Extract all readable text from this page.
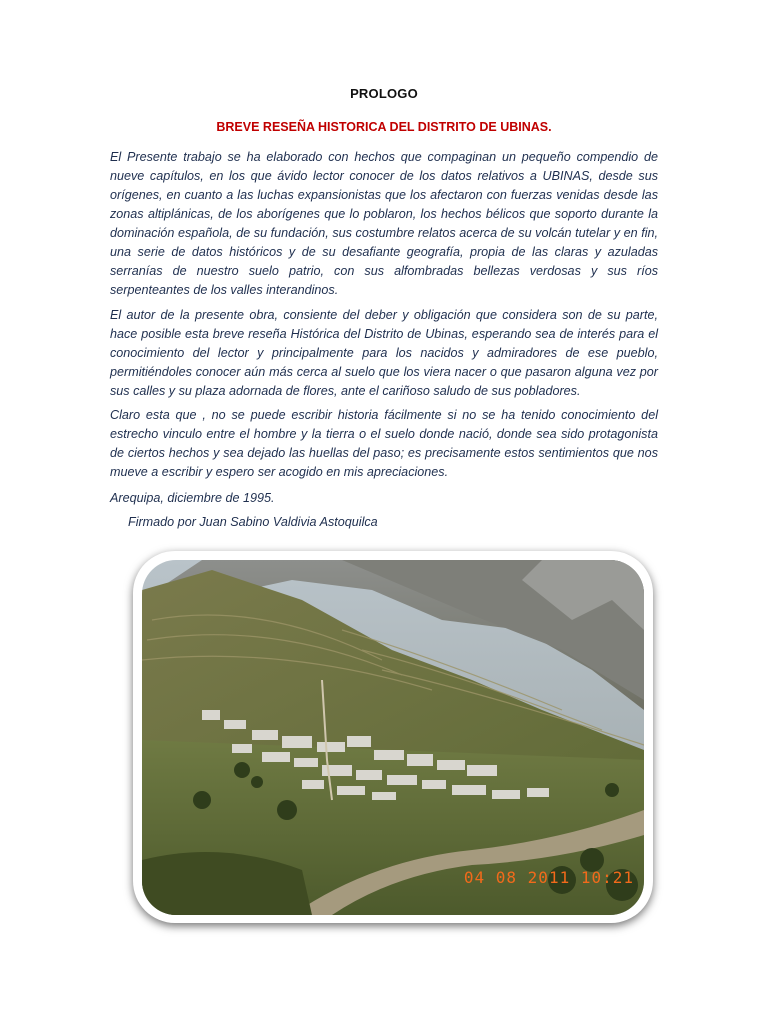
PROLOGO
BREVE RESEÑA HISTORICA DEL DISTRITO DE UBINAS.

El Presente trabajo se ha elaborado con hechos que compaginan un pequeño compendio de nueve capítulos, en los que ávido lector conocer de los datos relativos a UBINAS, desde sus orígenes, en cuanto a las luchas expansionistas que los afectaron con fuerzas venidas desde las zonas altiplánicas, de los aborígenes que lo poblaron, los hechos bélicos que soporto durante la dominación española, de su fundación, sus costumbre relatos acerca de su volcán tutelar y en fin, una serie de datos históricos y de su desafiante geografía, propia de las claras y azuladas serranías de nuestro suelo patrio, con sus alfombradas bellezas verdosas y sus ríos serpenteantes de los valles interandinos.

El autor de la presente obra, consiente del deber y obligación que considera son de su parte, hace posible esta breve reseña Histórica del Distrito de Ubinas, esperando sea de interés para el conocimiento del lector y principalmente para los nacidos y admiradores de ese pueblo, permitiéndoles conocer aún más cerca al suelo que los viera nacer o que pasaron alguna vez por sus calles y su plaza adornada de flores, ante el cariñoso saludo de sus pobladores.

Claro esta que , no se puede escribir historia fácilmente si no se ha tenido conocimiento del estrecho vinculo entre el hombre y la tierra o el suelo donde nació, donde sea sido protagonista de ciertos hechos y sea dejado las huellas del paso; es precisamente estos sentimientos que nos mueve a escribir y espero ser acogido en mis apreciaciones.

Arequipa, diciembre de 1995.

Firmado por Juan Sabino Valdivia Astoquilca
04 08 2011 10:21
